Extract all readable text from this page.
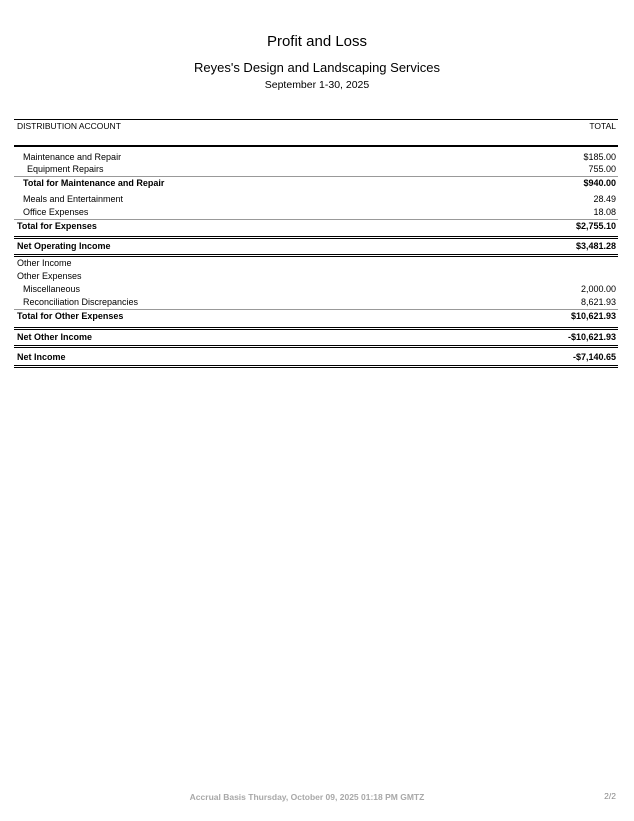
Profit and Loss
Reyes's Design and Landscaping Services
September 1-30, 2025
DISTRIBUTION ACCOUNT	TOTAL
Maintenance and Repair	$185.00
Equipment Repairs	755.00
Total for Maintenance and Repair	$940.00
Meals and Entertainment	28.49
Office Expenses	18.08
Total for Expenses	$2,755.10
Net Operating Income	$3,481.28
Other Income
Other Expenses
Miscellaneous	2,000.00
Reconciliation Discrepancies	8,621.93
Total for Other Expenses	$10,621.93
Net Other Income	-$10,621.93
Net Income	-$7,140.65
Accrual Basis Thursday, October 09, 2025 01:18 PM GMTZ	2/2
